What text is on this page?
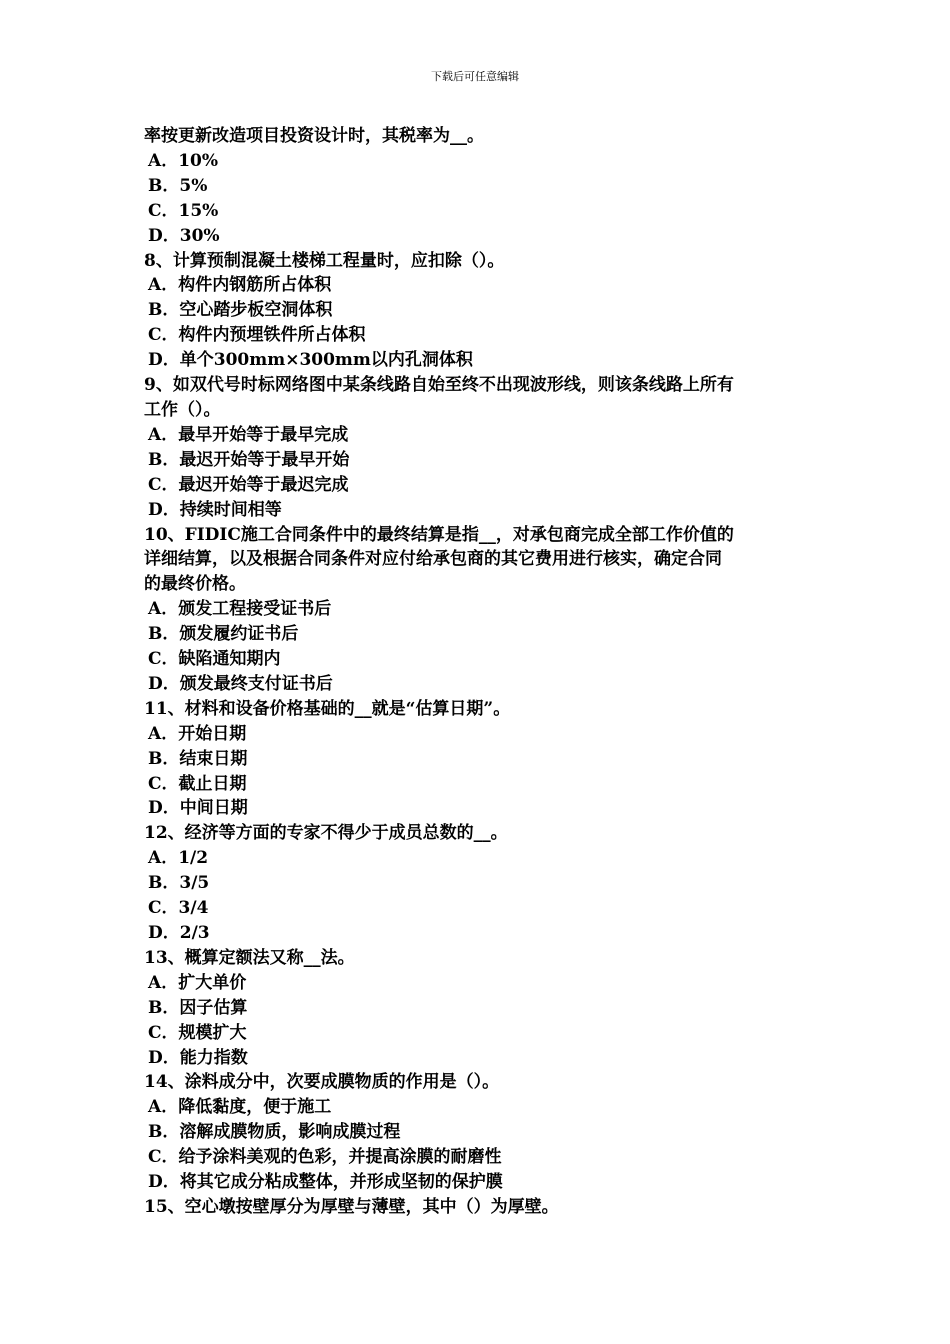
下载后可任意编辑
率按更新改造项目投资设计时，其税率为__。
A．10%
B．5%
C．15%
D．30%
8、计算预制混凝土楼梯工程量时，应扣除（）。
A．构件内钢筋所占体积
B．空心踏步板空洞体积
C．构件内预埋铁件所占体积
D．单个300mm×300mm以内孔洞体积
9、如双代号时标网络图中某条线路自始至终不出现波形线，则该条线路上所有
工作（）。
A．最早开始等于最早完成
B．最迟开始等于最早开始
C．最迟开始等于最迟完成
D．持续时间相等
10、FIDIC施工合同条件中的最终结算是指__，对承包商完成全部工作价值的
详细结算，以及根据合同条件对应付给承包商的其它费用进行核实，确定合同
的最终价格。
A．颁发工程接受证书后
B．颁发履约证书后
C．缺陷通知期内
D．颁发最终支付证书后
11、材料和设备价格基础的__就是“估算日期”。
A．开始日期
B．结束日期
C．截止日期
D．中间日期
12、经济等方面的专家不得少于成员总数的__。
A．1/2
B．3/5
C．3/4
D．2/3
13、概算定额法又称__法。
A．扩大单价
B．因子估算
C．规模扩大
D．能力指数
14、涂料成分中，次要成膜物质的作用是（）。
A．降低黏度，便于施工
B．溶解成膜物质，影响成膜过程
C．给予涂料美观的色彩，并提高涂膜的耐磨性
D．将其它成分粘成整体，并形成坚韧的保护膜
15、空心墩按壁厚分为厚壁与薄壁，其中（）为厚壁。
